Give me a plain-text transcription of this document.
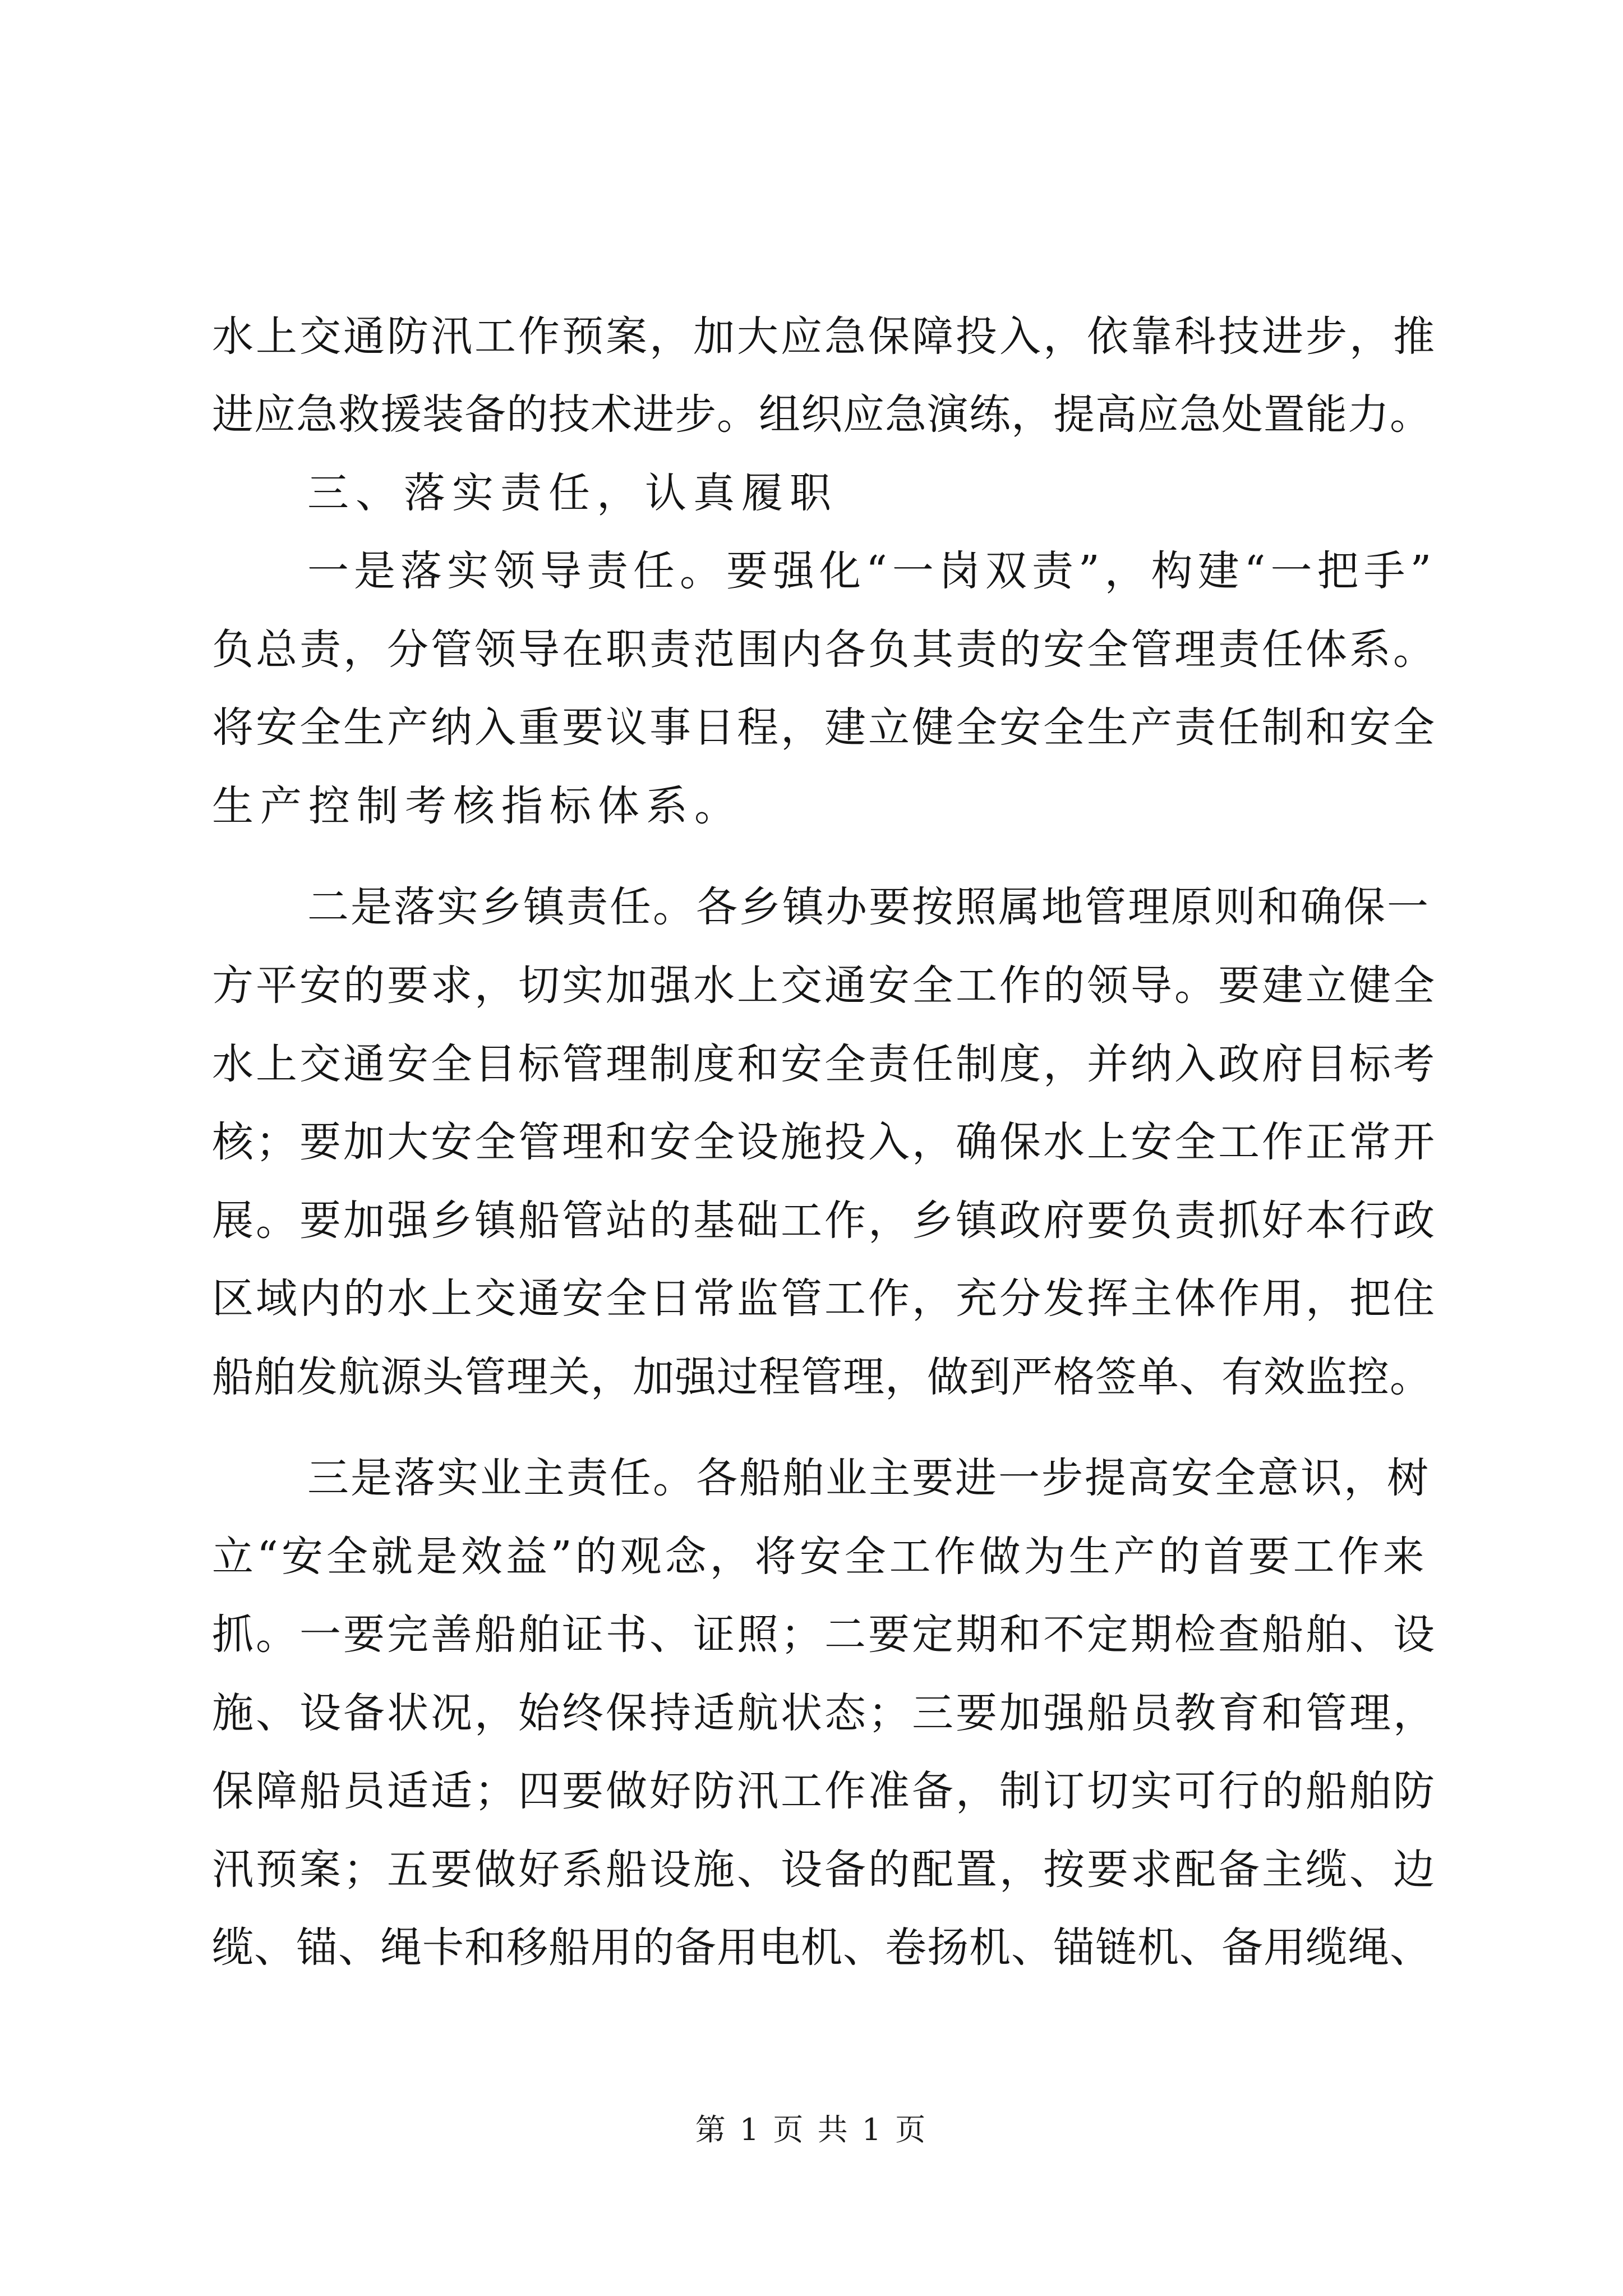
水上交通防汛工作预案，加大应急保障投入，依靠科技进步，推

进应急救援装备的技术进步。组织应急演练，提高应急处置能力。

三、落实责任，认真履职

一是落实领导责任。要强化“一岗双责”，构建“一把手”

负总责，分管领导在职责范围内各负其责的安全管理责任体系。

将安全生产纳入重要议事日程，建立健全安全生产责任制和安全

生产控制考核指标体系。

二是落实乡镇责任。各乡镇办要按照属地管理原则和确保一

方平安的要求，切实加强水上交通安全工作的领导。要建立健全

水上交通安全目标管理制度和安全责任制度，并纳入政府目标考

核；要加大安全管理和安全设施投入，确保水上安全工作正常开

展。要加强乡镇船管站的基础工作，乡镇政府要负责抓好本行政

区域内的水上交通安全日常监管工作，充分发挥主体作用，把住

船舶发航源头管理关，加强过程管理，做到严格签单、有效监控。

三是落实业主责任。各船舶业主要进一步提高安全意识，树

立“安全就是效益”的观念，将安全工作做为生产的首要工作来

抓。一要完善船舶证书、证照；二要定期和不定期检查船舶、设

施、设备状况，始终保持适航状态；三要加强船员教育和管理，

保障船员适适；四要做好防汛工作准备，制订切实可行的船舶防

汛预案；五要做好系船设施、设备的配置，按要求配备主缆、边

缆、锚、绳卡和移船用的备用电机、卷扬机、锚链机、备用缆绳、

第 1 页 共 1 页
